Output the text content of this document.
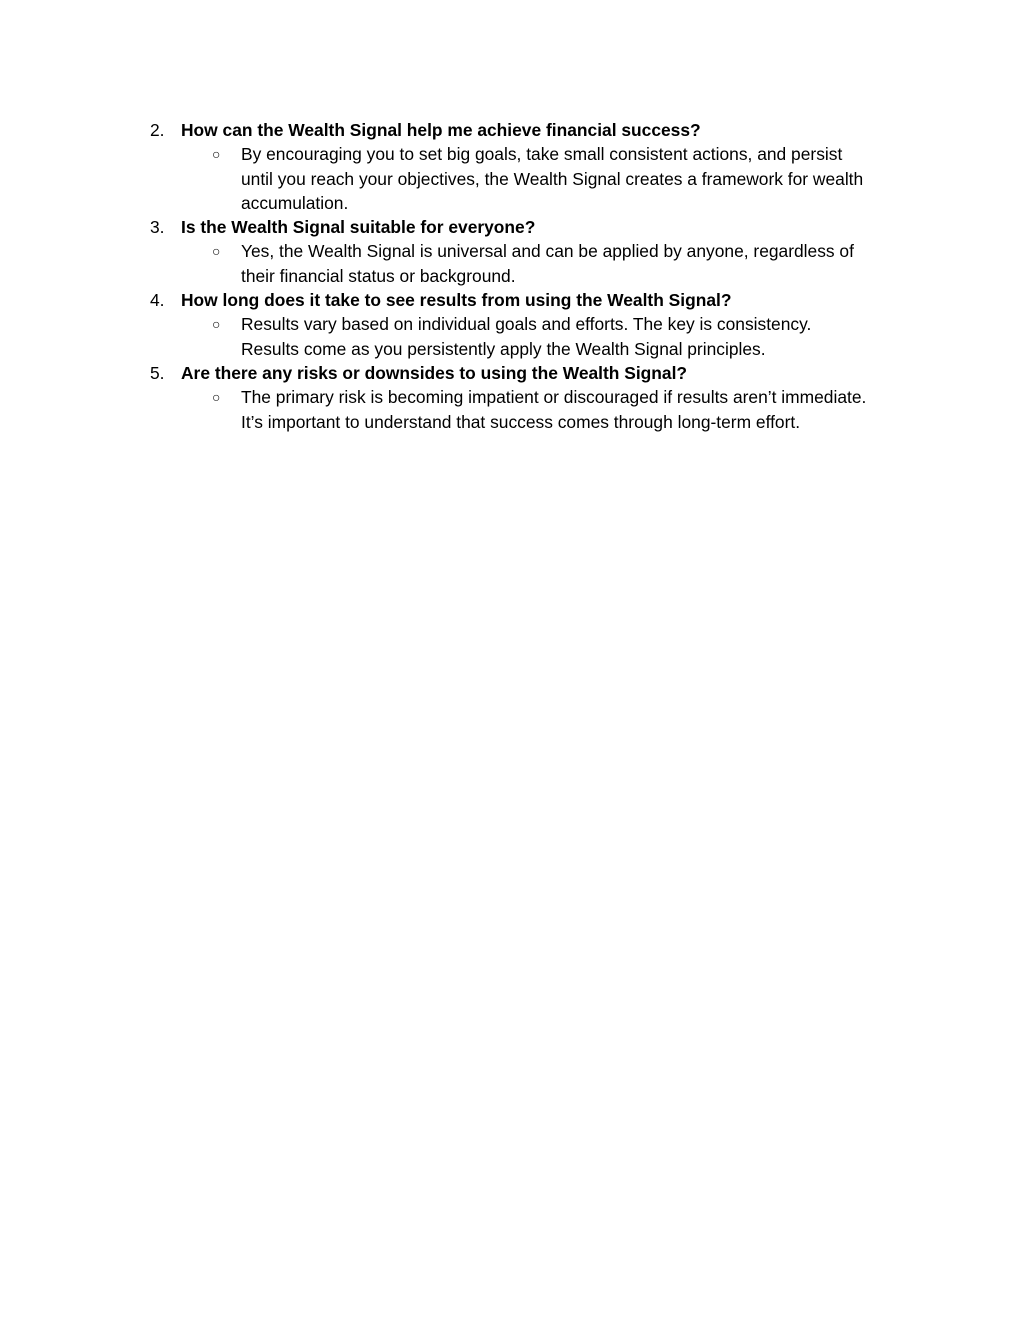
2. How can the Wealth Signal help me achieve financial success?
○ By encouraging you to set big goals, take small consistent actions, and persist
until you reach your objectives, the Wealth Signal creates a framework for wealth
accumulation.
3. Is the Wealth Signal suitable for everyone?
○ Yes, the Wealth Signal is universal and can be applied by anyone, regardless of
their financial status or background.
4. How long does it take to see results from using the Wealth Signal?
○ Results vary based on individual goals and efforts. The key is consistency.
Results come as you persistently apply the Wealth Signal principles.
5. Are there any risks or downsides to using the Wealth Signal?
○ The primary risk is becoming impatient or discouraged if results aren’t immediate.
It’s important to understand that success comes through long-term effort.
